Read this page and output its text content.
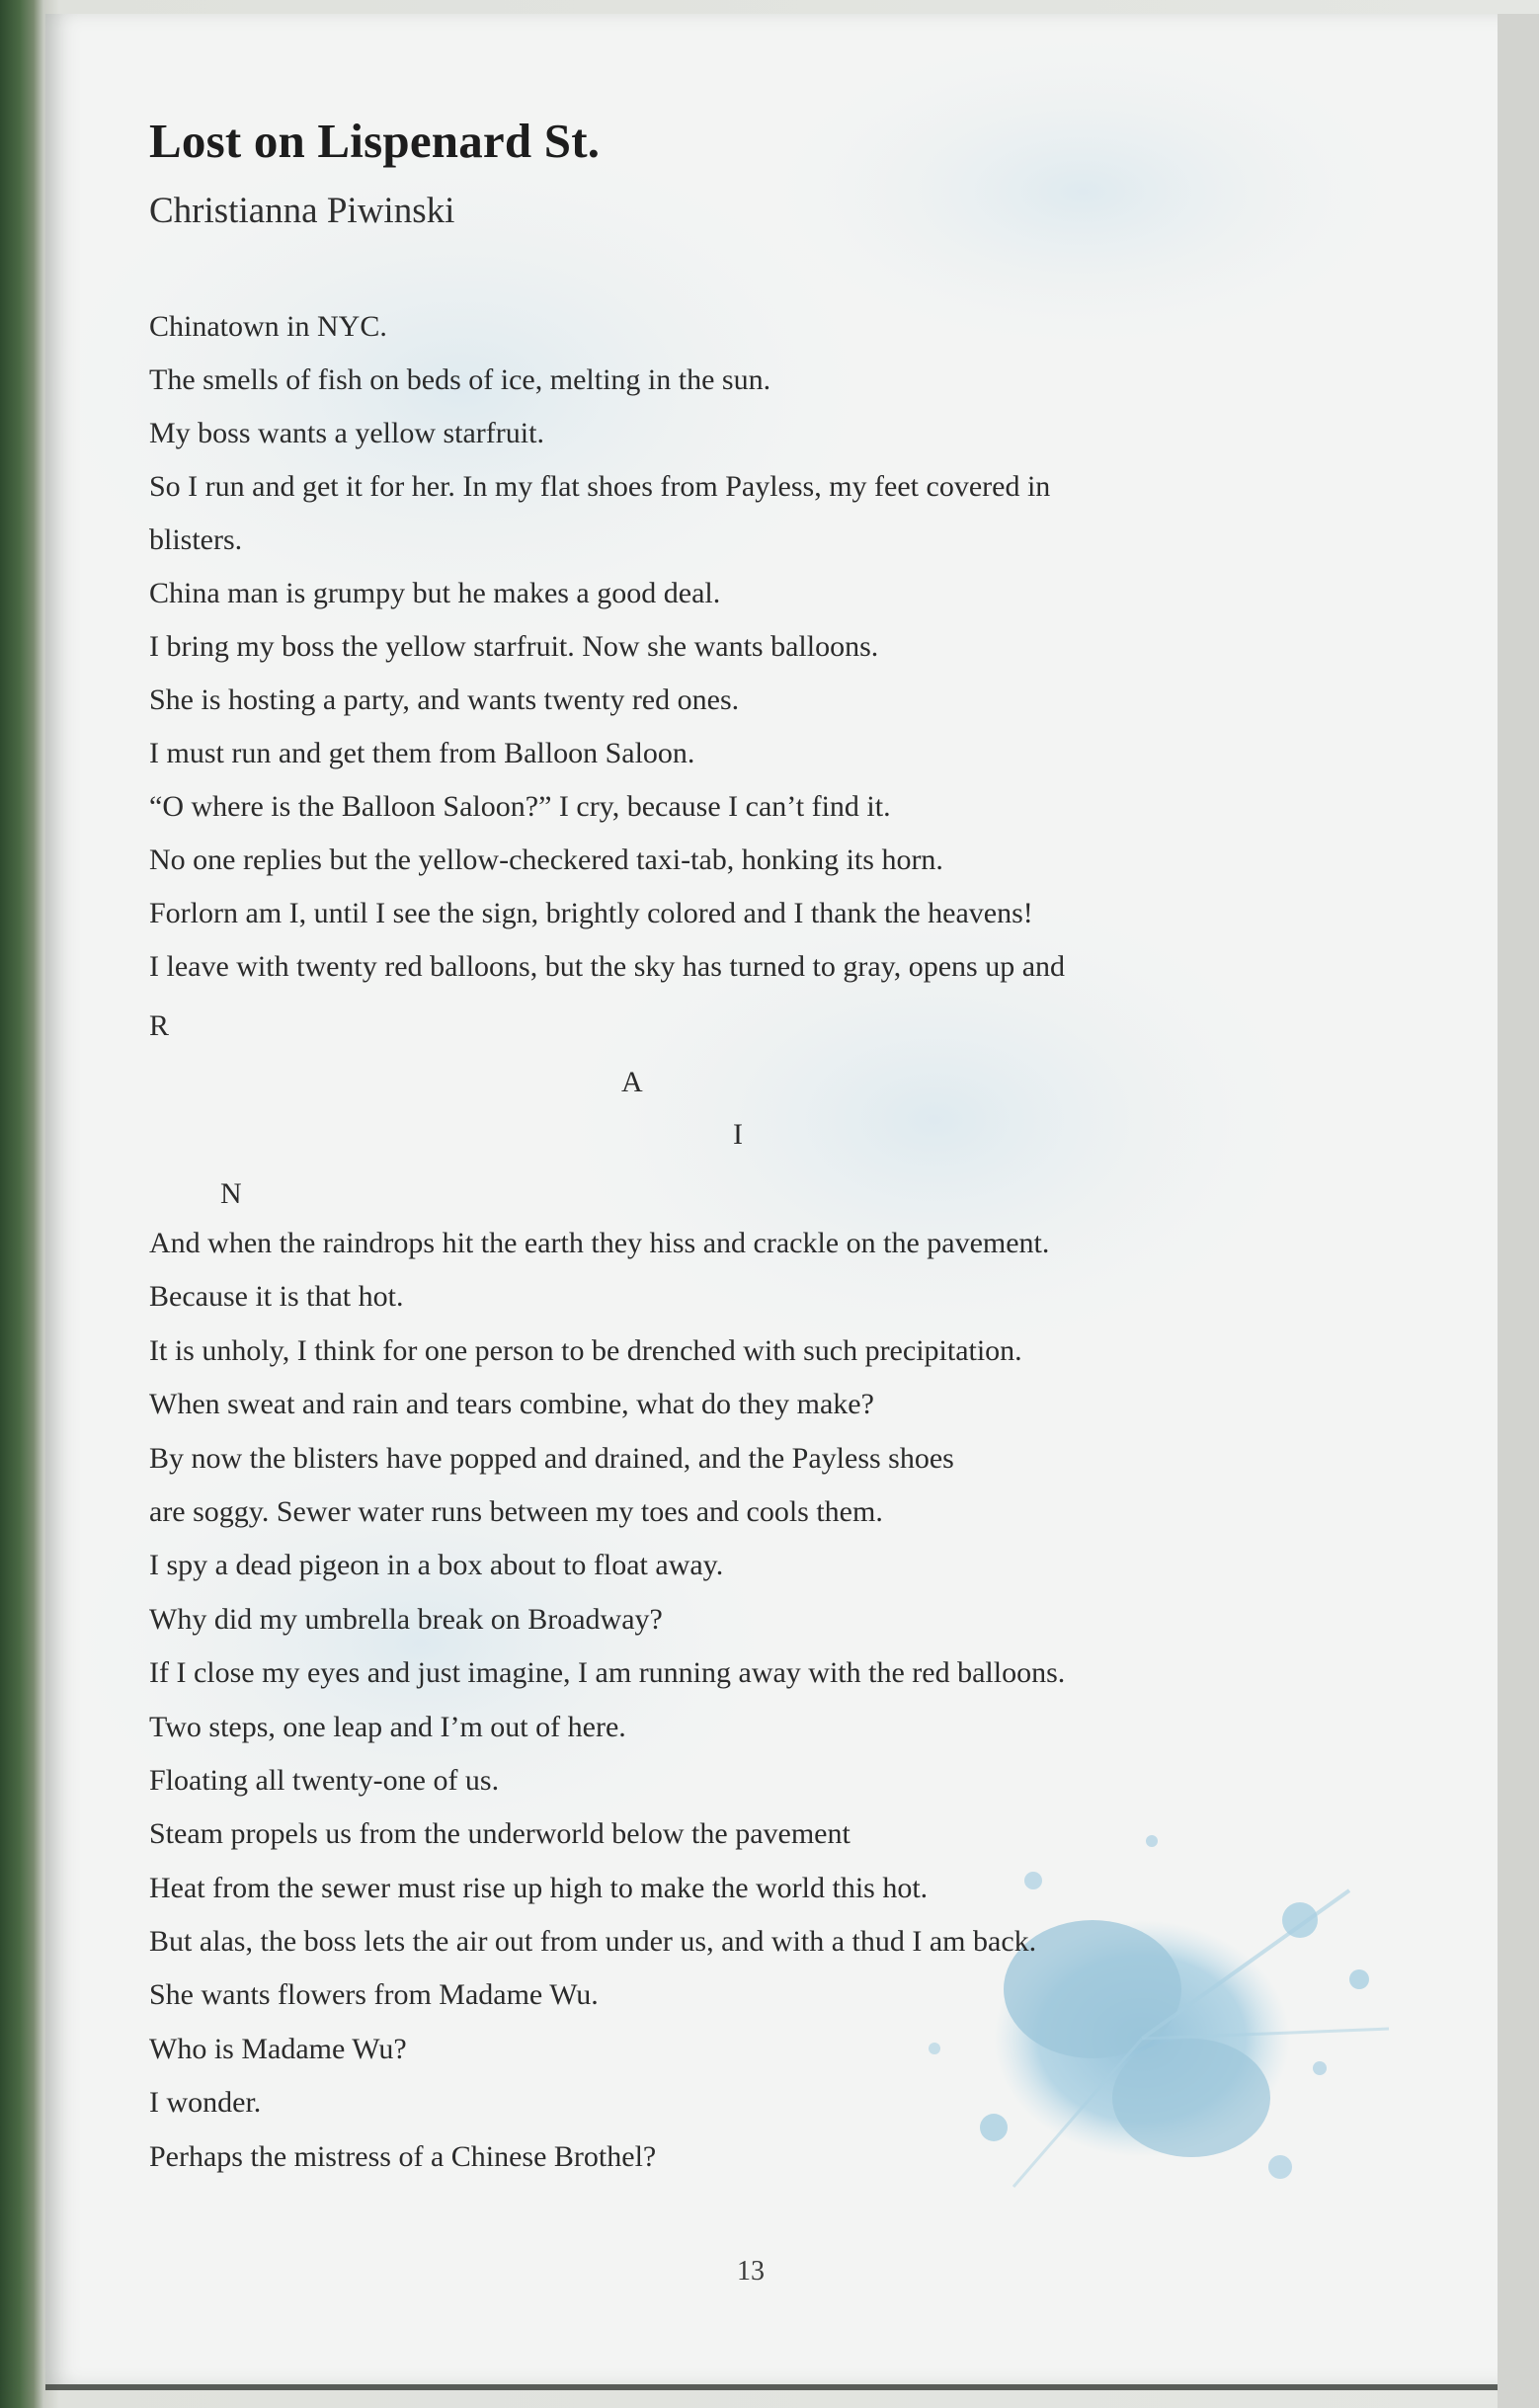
Lost on Lispenard St.

Christianna Piwinski

Chinatown in NYC.
The smells of fish on beds of ice, melting in the sun.
My boss wants a yellow starfruit.
So I run and get it for her. In my flat shoes from Payless, my feet covered in
blisters.
China man is grumpy but he makes a good deal.
I bring my boss the yellow starfruit. Now she wants balloons.
She is hosting a party, and wants twenty red ones.
I must run and get them from Balloon Saloon.
“O where is the Balloon Saloon?” I cry, because I can’t find it.
No one replies but the yellow-checkered taxi-tab, honking its horn.
Forlorn am I, until I see the sign, brightly colored and I thank the heavens!
I leave with twenty red balloons, but the sky has turned to gray, opens up and
R
A
I
N
And when the raindrops hit the earth they hiss and crackle on the pavement.
Because it is that hot.
It is unholy, I think for one person to be drenched with such precipitation.
When sweat and rain and tears combine, what do they make?
By now the blisters have popped and drained, and the Payless shoes
are soggy. Sewer water runs between my toes and cools them.
I spy a dead pigeon in a box about to float away.
Why did my umbrella break on Broadway?
If I close my eyes and just imagine, I am running away with the red balloons.
Two steps, one leap and I’m out of here.
Floating all twenty-one of us.
Steam propels us from the underworld below the pavement
Heat from the sewer must rise up high to make the world this hot.
But alas, the boss lets the air out from under us, and with a thud I am back.
She wants flowers from Madame Wu.
Who is Madame Wu?
I wonder.
Perhaps the mistress of a Chinese Brothel?
13
